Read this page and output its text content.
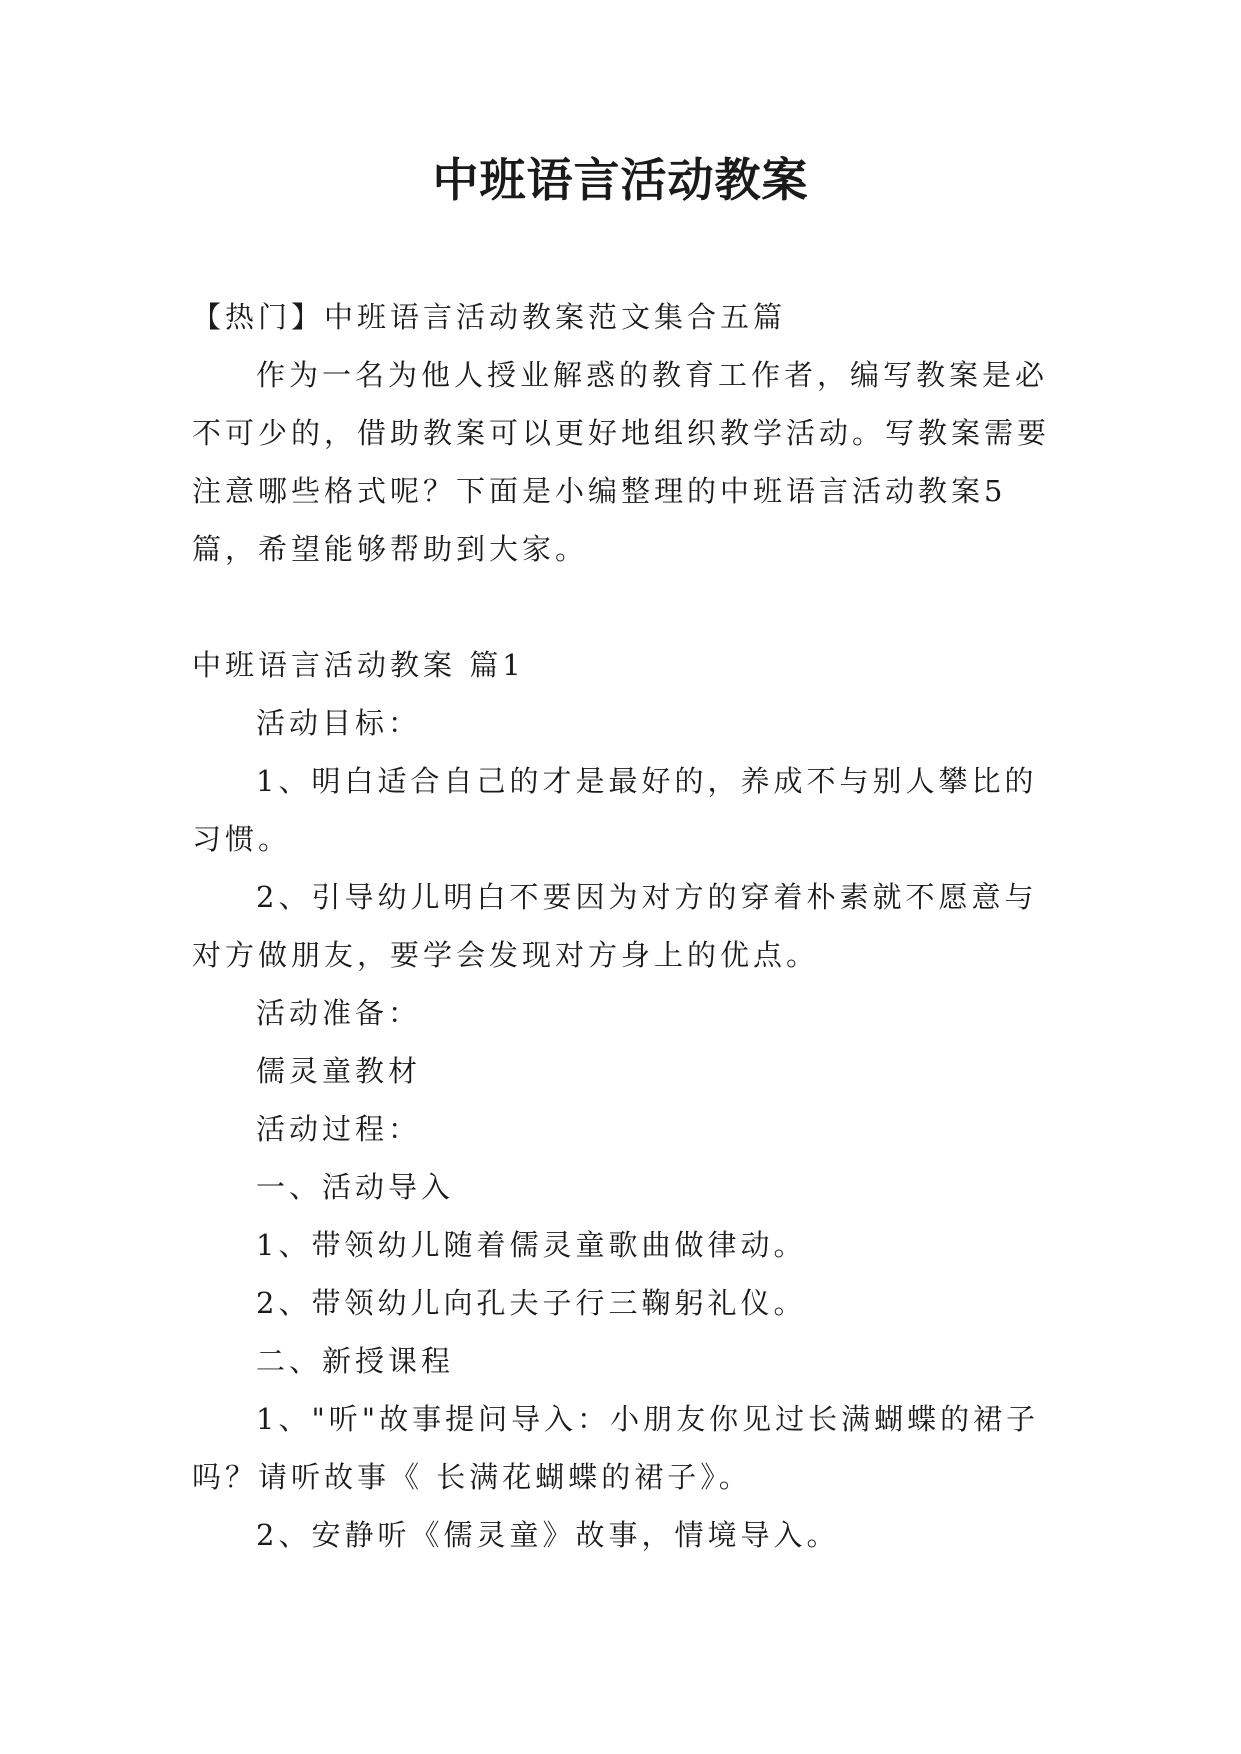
中班语言活动教案

【热门】中班语言活动教案范文集合五篇

作为一名为他人授业解惑的教育工作者，编写教案是必不可少的，借助教案可以更好地组织教学活动。写教案需要注意哪些格式呢？下面是小编整理的中班语言活动教案5篇，希望能够帮助到大家。

中班语言活动教案 篇1

活动目标：

1、明白适合自己的才是最好的，养成不与别人攀比的习惯。

2、引导幼儿明白不要因为对方的穿着朴素就不愿意与对方做朋友，要学会发现对方身上的优点。

活动准备：

儒灵童教材

活动过程：

一、活动导入

1、带领幼儿随着儒灵童歌曲做律动。

2、带领幼儿向孔夫子行三鞠躬礼仪。

二、新授课程

1、"听"故事提问导入：小朋友你见过长满蝴蝶的裙子吗？请听故事《 长满花蝴蝶的裙子》。

2、安静听《儒灵童》故事，情境导入。
